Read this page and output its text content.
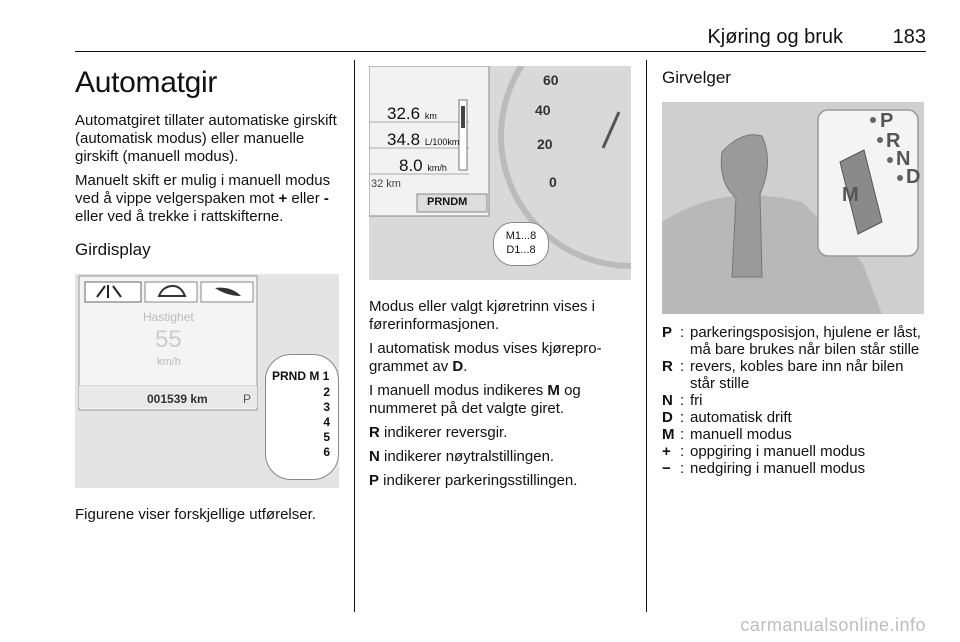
Kjøring og bruk 183
Automatgir

Automatgiret tillater automatiske girskift (automatisk modus) eller manuelle girskift (manuell modus).

Manuelt skift er mulig i manuell modus ved å vippe velgerspaken mot + eller - eller ved å trekke i rattskifterne.

Girdisplay
Hastighet
55
km/h
001539 km	P
PRND M 1
2
3
4
5
6

Figurene viser forskjellige utførelser.

32.6 km
34.8 L/100km
8.0 km/h
32 km
PRNDM
0
20
40
60
M1...8
D1...8

Modus eller valgt kjøretrinn vises i førerinformasjonen.

I automatisk modus vises kjøreprogrammet av D.

I manuell modus indikeres M og nummeret på det valgte giret.

R indikerer reversgir.

N indikerer nøytralstillingen.

P indikerer parkeringsstillingen.

Girvelger
P
R
N
D
M
P : parkeringsposisjon, hjulene er låst, må bare brukes når bilen står stille
R : revers, kobles bare inn når bilen står stille
N : fri
D : automatisk drift
M : manuell modus
+ : oppgiring i manuell modus
− : nedgiring i manuell modus
carmanualsonline.info
